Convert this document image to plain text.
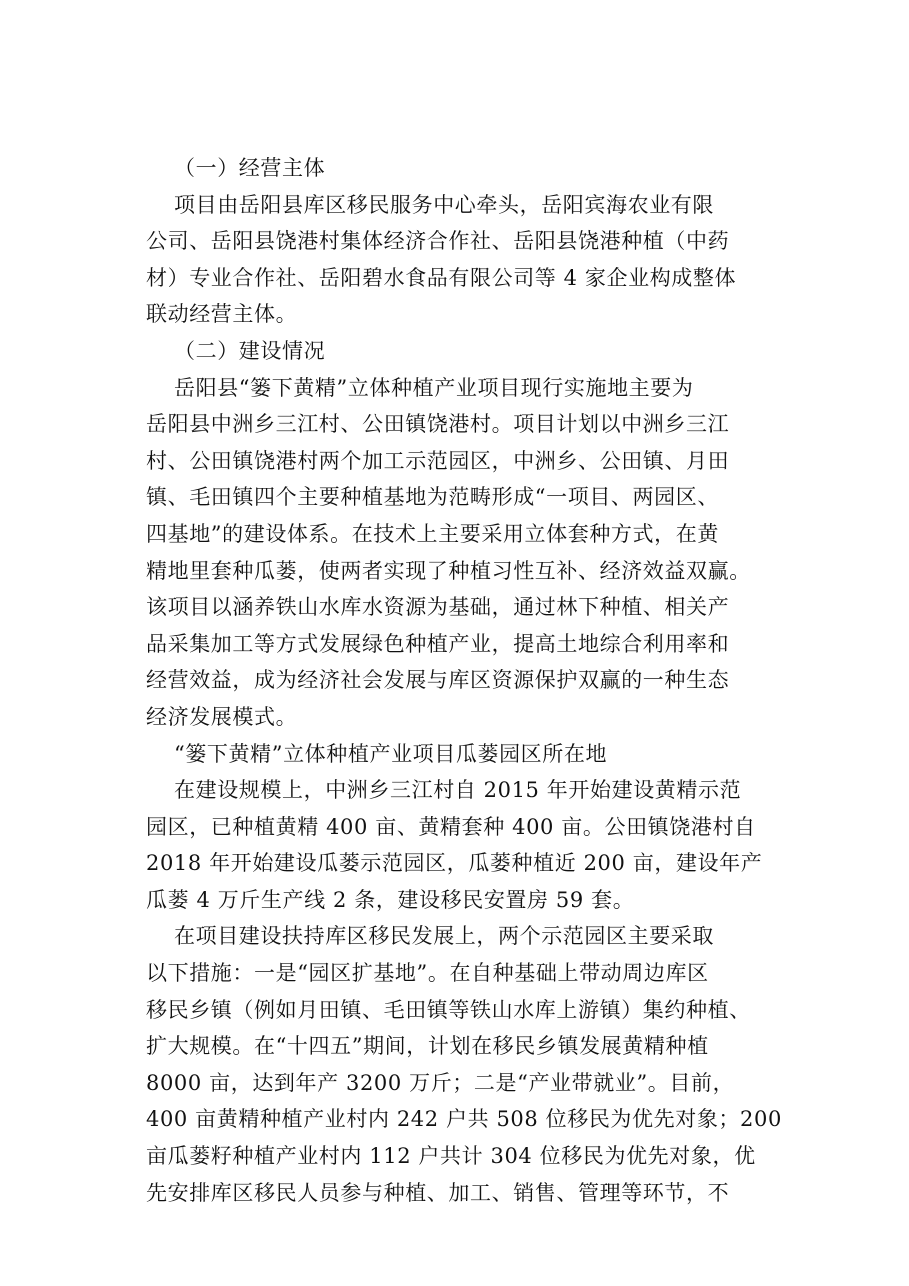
（一）经营主体
项目由岳阳县库区移民服务中心牵头，岳阳宾海农业有限
公司、岳阳县饶港村集体经济合作社、岳阳县饶港种植（中药
材）专业合作社、岳阳碧水食品有限公司等 4 家企业构成整体
联动经营主体。
（二）建设情况
岳阳县“篓下黄精”立体种植产业项目现行实施地主要为
岳阳县中洲乡三江村、公田镇饶港村。项目计划以中洲乡三江
村、公田镇饶港村两个加工示范园区，中洲乡、公田镇、月田
镇、毛田镇四个主要种植基地为范畴形成“一项目、两园区、
四基地”的建设体系。在技术上主要采用立体套种方式，在黄
精地里套种瓜蒌，使两者实现了种植习性互补、经济效益双赢。
该项目以涵养铁山水库水资源为基础，通过林下种植、相关产
品采集加工等方式发展绿色种植产业，提高土地综合利用率和
经营效益，成为经济社会发展与库区资源保护双赢的一种生态
经济发展模式。
“篓下黄精”立体种植产业项目瓜蒌园区所在地
在建设规模上，中洲乡三江村自 2015 年开始建设黄精示范
园区，已种植黄精 400 亩、黄精套种 400 亩。公田镇饶港村自
2018 年开始建设瓜蒌示范园区，瓜蒌种植近 200 亩，建设年产
瓜蒌 4 万斤生产线 2 条，建设移民安置房 59 套。
在项目建设扶持库区移民发展上，两个示范园区主要采取
以下措施：一是“园区扩基地”。在自种基础上带动周边库区
移民乡镇（例如月田镇、毛田镇等铁山水库上游镇）集约种植、
扩大规模。在“十四五”期间，计划在移民乡镇发展黄精种植
8000 亩，达到年产 3200 万斤；二是“产业带就业”。目前，
400 亩黄精种植产业村内 242 户共 508 位移民为优先对象；200
亩瓜蒌籽种植产业村内 112 户共计 304 位移民为优先对象，优
先安排库区移民人员参与种植、加工、销售、管理等环节，不
